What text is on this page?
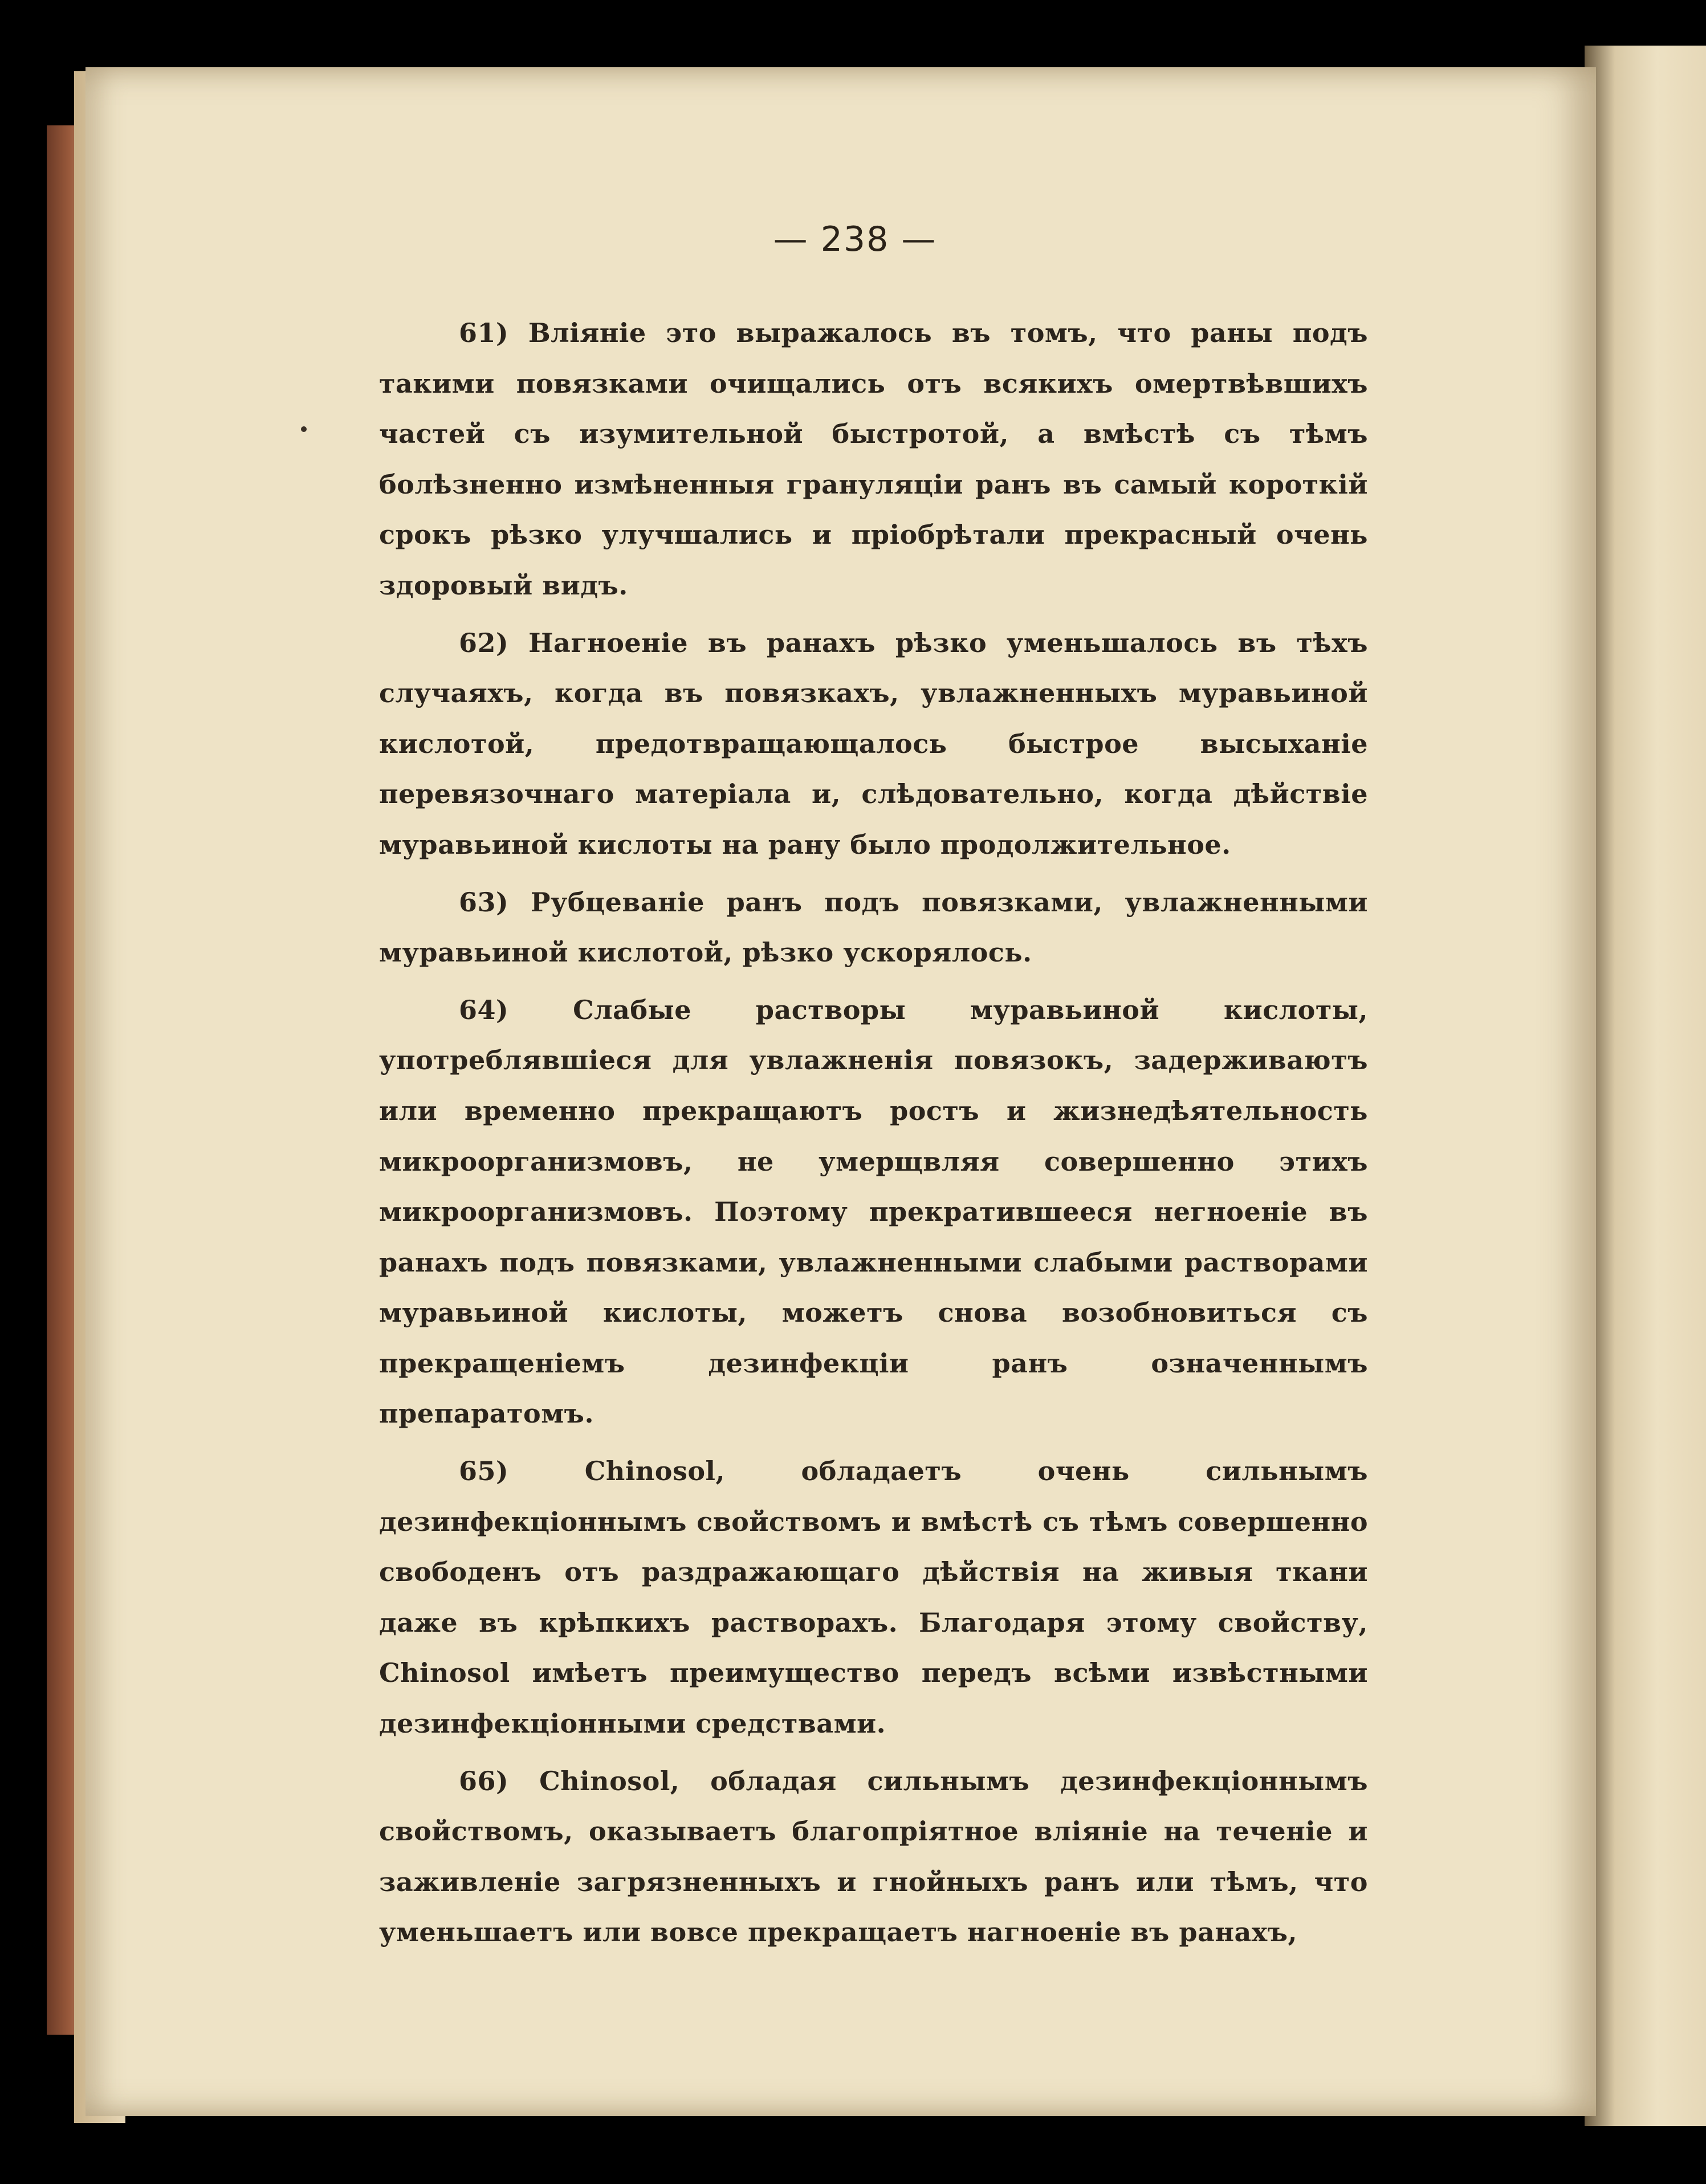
— 238 —

61) Вліяніе это выражалось въ томъ, что раны подъ такими повязками очищались отъ всякихъ омертвѣвшихъ частей съ изумительной быстротой, а вмѣстѣ съ тѣмъ болѣзненно измѣненныя грануляціи ранъ въ самый короткій срокъ рѣзко улучшались и пріобрѣтали прекрасный очень здоровый видъ.

62) Нагноеніе въ ранахъ рѣзко уменьшалось въ тѣхъ случаяхъ, когда въ повязкахъ, увлажненныхъ муравьиной кислотой, предотвращающалось быстрое высыханіе перевязочнаго матеріала и, слѣдовательно, когда дѣйствіе муравьиной кислоты на рану было продолжительное.

63) Рубцеваніе ранъ подъ повязками, увлажненными муравьиной кислотой, рѣзко ускорялось.

64) Слабые растворы муравьиной кислоты, употреблявшіеся для увлажненія повязокъ, задерживаютъ или временно прекращаютъ ростъ и жизнедѣятельность микроорганизмовъ, не умерщвляя совершенно этихъ микроорганизмовъ. Поэтому прекратившееся негноеніе въ ранахъ подъ повязками, увлажненными слабыми растворами муравьиной кислоты, можетъ снова возобновиться съ прекращеніемъ дезинфекціи ранъ означеннымъ препаратомъ.

65) Chinosol, обладаетъ очень сильнымъ дезинфекціоннымъ свойствомъ и вмѣстѣ съ тѣмъ совершенно свободенъ отъ раздражающаго дѣйствія на живыя ткани даже въ крѣпкихъ растворахъ. Благодаря этому свойству, Chinosol имѣетъ преимущество передъ всѣми извѣстными дезинфекціонными средствами.

66) Chinosol, обладая сильнымъ дезинфекціоннымъ свойствомъ, оказываетъ благопріятное вліяніе на теченіе и заживленіе загрязненныхъ и гнойныхъ ранъ или тѣмъ, что уменьшаетъ или вовсе прекращаетъ нагноеніе въ ранахъ,
